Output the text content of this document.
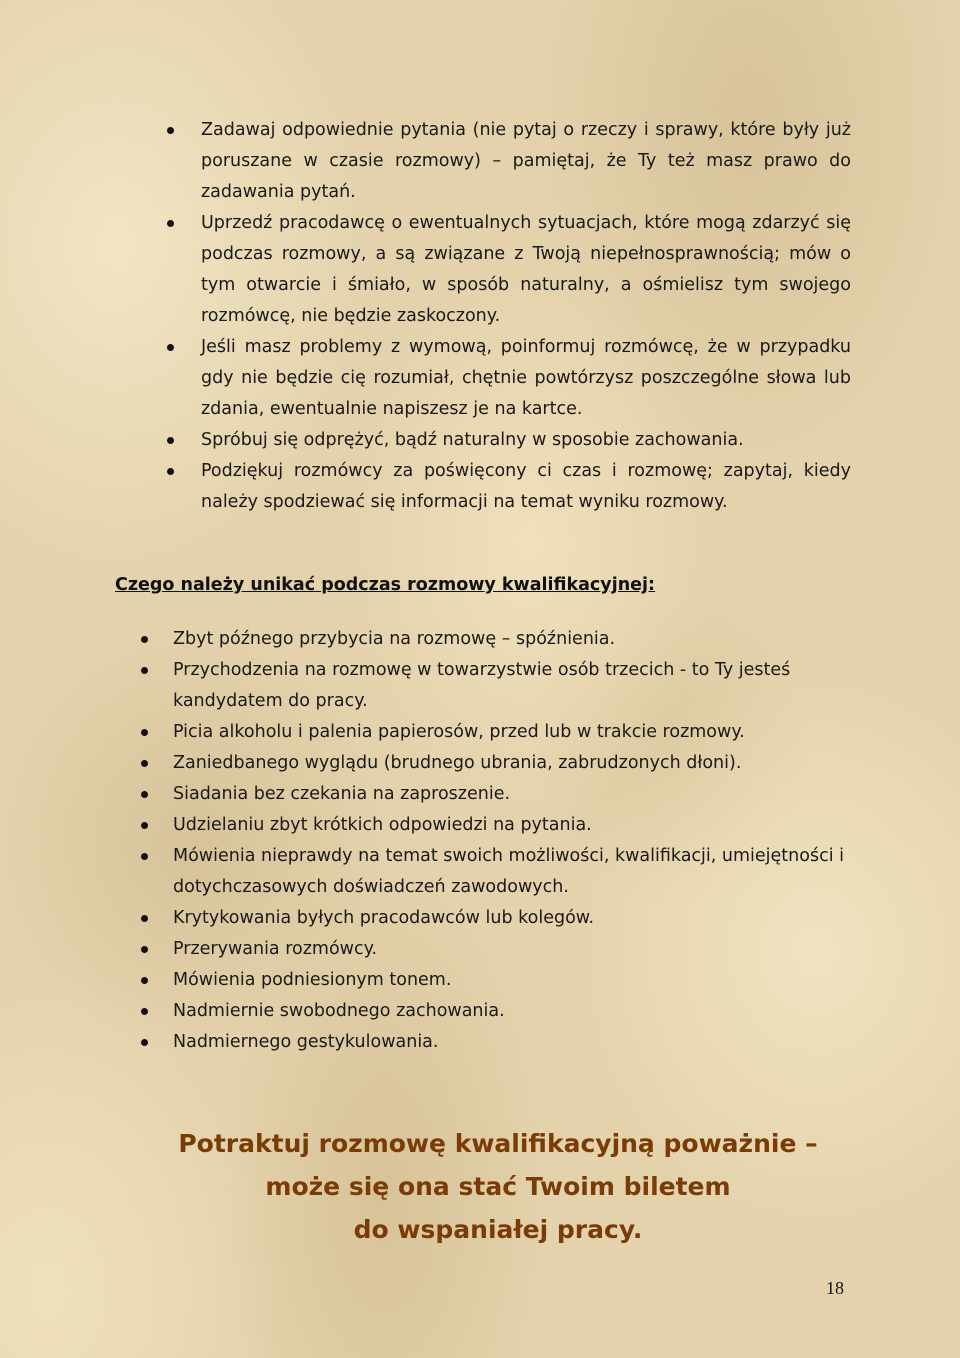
Zadawaj odpowiednie pytania (nie pytaj o rzeczy i sprawy, które były już poruszane w czasie rozmowy) – pamiętaj, że Ty też masz prawo do zadawania pytań.
Uprzedź pracodawcę o ewentualnych sytuacjach, które mogą zdarzyć się podczas rozmowy, a są związane z Twoją niepełnosprawnością; mów o tym otwarcie i śmiało, w sposób naturalny, a ośmielisz tym swojego rozmówcę, nie będzie zaskoczony.
Jeśli masz problemy z wymową, poinformuj rozmówcę, że w przypadku gdy nie będzie cię rozumiał, chętnie powtórzysz poszczególne słowa lub zdania, ewentualnie napiszesz je na kartce.
Spróbuj się odprężyć, bądź naturalny w sposobie zachowania.
Podziękuj rozmówcy za poświęcony ci czas i rozmowę; zapytaj, kiedy należy spodziewać się informacji na temat wyniku rozmowy.

Czego należy unikać podczas rozmowy kwalifikacyjnej:

Zbyt późnego przybycia na rozmowę – spóźnienia.
Przychodzenia na rozmowę w towarzystwie osób trzecich - to Ty jesteś kandydatem do pracy.
Picia alkoholu i palenia papierosów, przed lub w trakcie rozmowy.
Zaniedbanego wyglądu (brudnego ubrania, zabrudzonych dłoni).
Siadania bez czekania na zaproszenie.
Udzielaniu zbyt krótkich odpowiedzi na pytania.
Mówienia nieprawdy na temat swoich możliwości, kwalifikacji, umiejętności i dotychczasowych doświadczeń zawodowych.
Krytykowania byłych pracodawców lub kolegów.
Przerywania rozmówcy.
Mówienia podniesionym tonem.
Nadmiernie swobodnego zachowania.
Nadmiernego gestykulowania.
Potraktuj rozmowę kwalifikacyjną poważnie –
może się ona stać Twoim biletem
do wspaniałej pracy.
18
